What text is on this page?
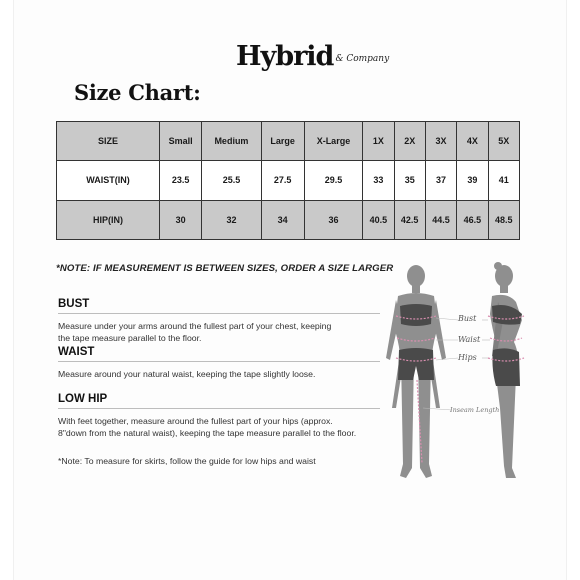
Hybrid & Company
Size Chart:
SIZE	Small	Medium	Large	X-Large	1X	2X	3X	4X	5X
WAIST(IN)	23.5	25.5	27.5	29.5	33	35	37	39	41
HIP(IN)	30	32	34	36	40.5	42.5	44.5	46.5	48.5
*NOTE: IF MEASUREMENT IS BETWEEN SIZES, ORDER A SIZE LARGER
BUST
Measure under your arms around the fullest part of your chest, keeping
the tape measure parallel to the floor.
WAIST
Measure around your natural waist, keeping the tape slightly loose.
LOW HIP
With feet together, measure around the fullest part of your hips (approx.
8"down from the natural waist), keeping the tape measure parallel to the floor.
*Note: To measure for skirts, follow the guide for low hips and waist
Bust
Waist
Hips
Inseam Length
